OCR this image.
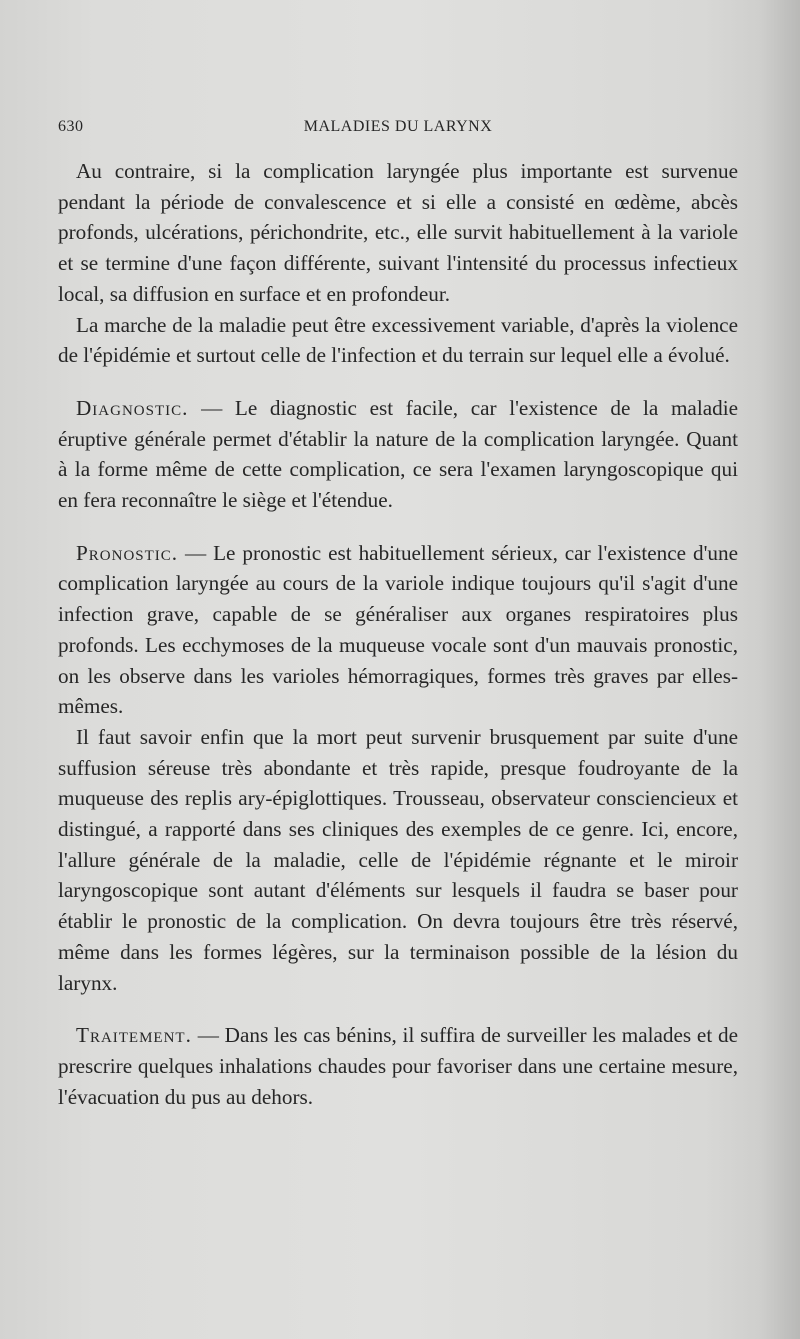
630	MALADIES DU LARYNX

Au contraire, si la complication laryngée plus importante est survenue pendant la période de convalescence et si elle a consisté en œdème, abcès profonds, ulcérations, périchondrite, etc., elle survit habituellement à la variole et se termine d'une façon différente, suivant l'intensité du processus infectieux local, sa diffusion en surface et en profondeur.

La marche de la maladie peut être excessivement variable, d'après la violence de l'épidémie et surtout celle de l'infection et du terrain sur lequel elle a évolué.

Diagnostic. — Le diagnostic est facile, car l'existence de la maladie éruptive générale permet d'établir la nature de la complication laryngée. Quant à la forme même de cette complication, ce sera l'examen laryngoscopique qui en fera reconnaître le siège et l'étendue.

Pronostic. — Le pronostic est habituellement sérieux, car l'existence d'une complication laryngée au cours de la variole indique toujours qu'il s'agit d'une infection grave, capable de se généraliser aux organes respiratoires plus profonds. Les ecchymoses de la muqueuse vocale sont d'un mauvais pronostic, on les observe dans les varioles hémorragiques, formes très graves par elles-mêmes.

Il faut savoir enfin que la mort peut survenir brusquement par suite d'une suffusion séreuse très abondante et très rapide, presque foudroyante de la muqueuse des replis ary-épiglottiques. Trousseau, observateur consciencieux et distingué, a rapporté dans ses cliniques des exemples de ce genre. Ici, encore, l'allure générale de la maladie, celle de l'épidémie régnante et le miroir laryngoscopique sont autant d'éléments sur lesquels il faudra se baser pour établir le pronostic de la complication. On devra toujours être très réservé, même dans les formes légères, sur la terminaison possible de la lésion du larynx.

Traitement. — Dans les cas bénins, il suffira de surveiller les malades et de prescrire quelques inhalations chaudes pour favoriser dans une certaine mesure, l'évacuation du pus au dehors.
